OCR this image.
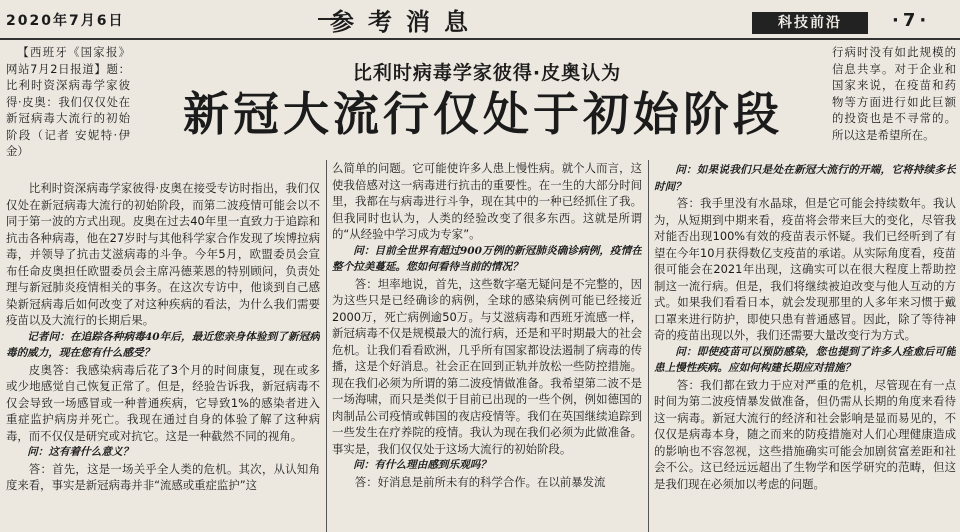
2020年7月6日	参考消息	科技前沿	·7·
比利时病毒学家彼得·皮奥认为
新冠大流行仅处于初始阶段

【西班牙《国家报》网站7月2日报道】题：比利时资深病毒学家彼得·皮奥：我们仅仅处在新冠病毒大流行的初始阶段（记者 安妮特·伊金）

比利时资深病毒学家彼得·皮奥在接受专访时指出，我们仅仅处在新冠病毒大流行的初始阶段，而第二波疫情可能会以不同于第一波的方式出现。皮奥在过去40年里一直致力于追踪和抗击各种病毒，他在27岁时与其他科学家合作发现了埃博拉病毒，并领导了抗击艾滋病毒的斗争。今年5月，欧盟委员会宣布任命皮奥担任欧盟委员会主席冯德莱恩的特别顾问，负责处理与新冠肺炎疫情相关的事务。在这次专访中，他谈到自己感染新冠病毒后如何改变了对这种疾病的看法，为什么我们需要疫苗以及大流行的长期后果。

记者问：在追踪各种病毒40年后，最近您亲身体验到了新冠病毒的威力，现在您有什么感受？

皮奥答：我感染病毒后花了3个月的时间康复，现在或多或少地感觉自己恢复正常了。但是，经验告诉我，新冠病毒不仅会导致一场感冒或一种普通疾病，它导致1%的感染者进入重症监护病房并死亡。我现在通过自身的体验了解了这种病毒，而不仅仅是研究或对抗它。这是一种截然不同的视角。

问：这有着什么意义？

答：首先，这是一场关乎全人类的危机。其次，从认知角度来看，事实是新冠病毒并非“流感或重症监护”这

么简单的问题。它可能使许多人患上慢性病。就个人而言，这使我倍感对这一病毒进行抗击的重要性。在一生的大部分时间里，我都在与病毒进行斗争，现在其中的一种已经抓住了我。但我同时也认为，人类的经验改变了很多东西。这就是所谓的“从经验中学习成为专家”。

问：目前全世界有超过900万例的新冠肺炎确诊病例，疫情在整个拉美蔓延。您如何看待当前的情况？

答：坦率地说，首先，这些数字毫无疑问是不完整的，因为这些只是已经确诊的病例，全球的感染病例可能已经接近2000万，死亡病例逾50万。与艾滋病毒和西班牙流感一样，新冠病毒不仅是规模最大的流行病，还是和平时期最大的社会危机。让我们看看欧洲，几乎所有国家都设法遏制了病毒的传播，这是个好消息。社会正在回到正轨并放松一些防控措施。现在我们必须为所谓的第二波疫情做准备。我希望第二波不是一场海啸，而只是类似于目前已出现的一些个例，例如德国的肉制品公司疫情或韩国的夜店疫情等。我们在英国继续追踪到一些发生在疗养院的疫情。我认为现在我们必须为此做准备。事实是，我们仅仅处于这场大流行的初始阶段。

问：有什么理由感到乐观吗？

答：好消息是前所未有的科学合作。在以前暴发流

行病时没有如此规模的信息共享。对于企业和国家来说，在疫苗和药物等方面进行如此巨额的投资也是不寻常的。所以这是希望所在。

问：如果说我们只是处在新冠大流行的开端，它将持续多长时间？

答：我手里没有水晶球，但是它可能会持续数年。我认为，从短期到中期来看，疫苗将会带来巨大的变化，尽管我对能否出现100%有效的疫苗表示怀疑。我们已经听到了有望在今年10月获得数亿支疫苗的承诺。从实际角度看，疫苗很可能会在2021年出现，这确实可以在很大程度上帮助控制这一流行病。但是，我们将继续被迫改变与他人互动的方式。如果我们看看日本，就会发现那里的人多年来习惯于戴口罩来进行防护，即使只患有普通感冒。因此，除了等待神奇的疫苗出现以外，我们还需要大量改变行为方式。

问：即使疫苗可以预防感染，您也提到了许多人痊愈后可能患上慢性疾病。应如何构建长期应对措施？

答：我们都在致力于应对严重的危机，尽管现在有一点时间为第二波疫情暴发做准备，但仍需从长期的角度来看待这一病毒。新冠大流行的经济和社会影响是显而易见的，不仅仅是病毒本身，随之而来的防疫措施对人们心理健康造成的影响也不容忽视，这些措施确实可能会加剧贫富差距和社会不公。这已经远远超出了生物学和医学研究的范畴，但这是我们现在必须加以考虑的问题。
